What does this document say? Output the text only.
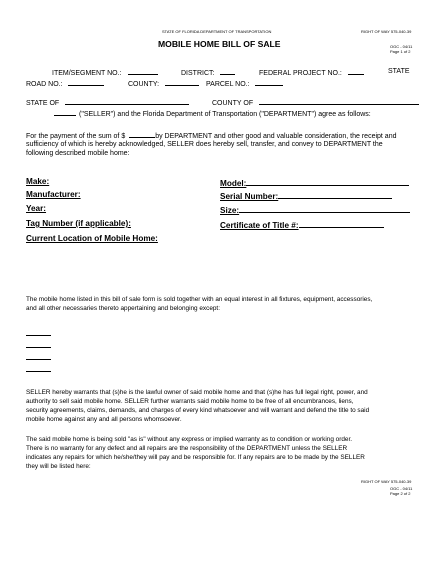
STATE OF FLORIDA DEPARTMENT OF TRANSPORTATION	RIGHT OF WAY 575-040-39
OGC - 04/11
Page 1 of 2
MOBILE HOME BILL OF SALE
ITEM/SEGMENT NO.:	DISTRICT:	FEDERAL PROJECT NO.:	STATE
ROAD NO.:	COUNTY:	PARCEL NO.:
STATE OF	COUNTY OF
("SELLER") and the Florida Department of Transportation ("DEPARTMENT") agree as follows:
For the payment of the sum of $	by DEPARTMENT and other good and valuable consideration, the receipt and
sufficiency of which is hereby acknowledged, SELLER does hereby sell, transfer, and convey to DEPARTMENT the
following described mobile home:
Make:	Model:
Manufacturer:	Serial Number:
Year:	Size:
Tag Number (if applicable):	Certificate of Title #:
Current Location of Mobile Home:
The mobile home listed in this bill of sale form is sold together with an equal interest in all fixtures, equipment, accessories,
and all other necessaries thereto appertaining and belonging except:
SELLER hereby warrants that (s)he is the lawful owner of said mobile home and that (s)he has full legal right, power, and
authority to sell said mobile home. SELLER further warrants said mobile home to be free of all encumbrances, liens,
security agreements, claims, demands, and charges of every kind whatsoever and will warrant and defend the title to said
mobile home against any and all persons whomsoever.
The said mobile home is being sold "as is" without any express or implied warranty as to condition or working order.
There is no warranty for any defect and all repairs are the responsibility of the DEPARTMENT unless the SELLER
indicates any repairs for which he/she/they will pay and be responsible for. If any repairs are to be made by the SELLER
they will be listed here:
RIGHT OF WAY 575-040-39
OGC - 04/11
Page 2 of 2
